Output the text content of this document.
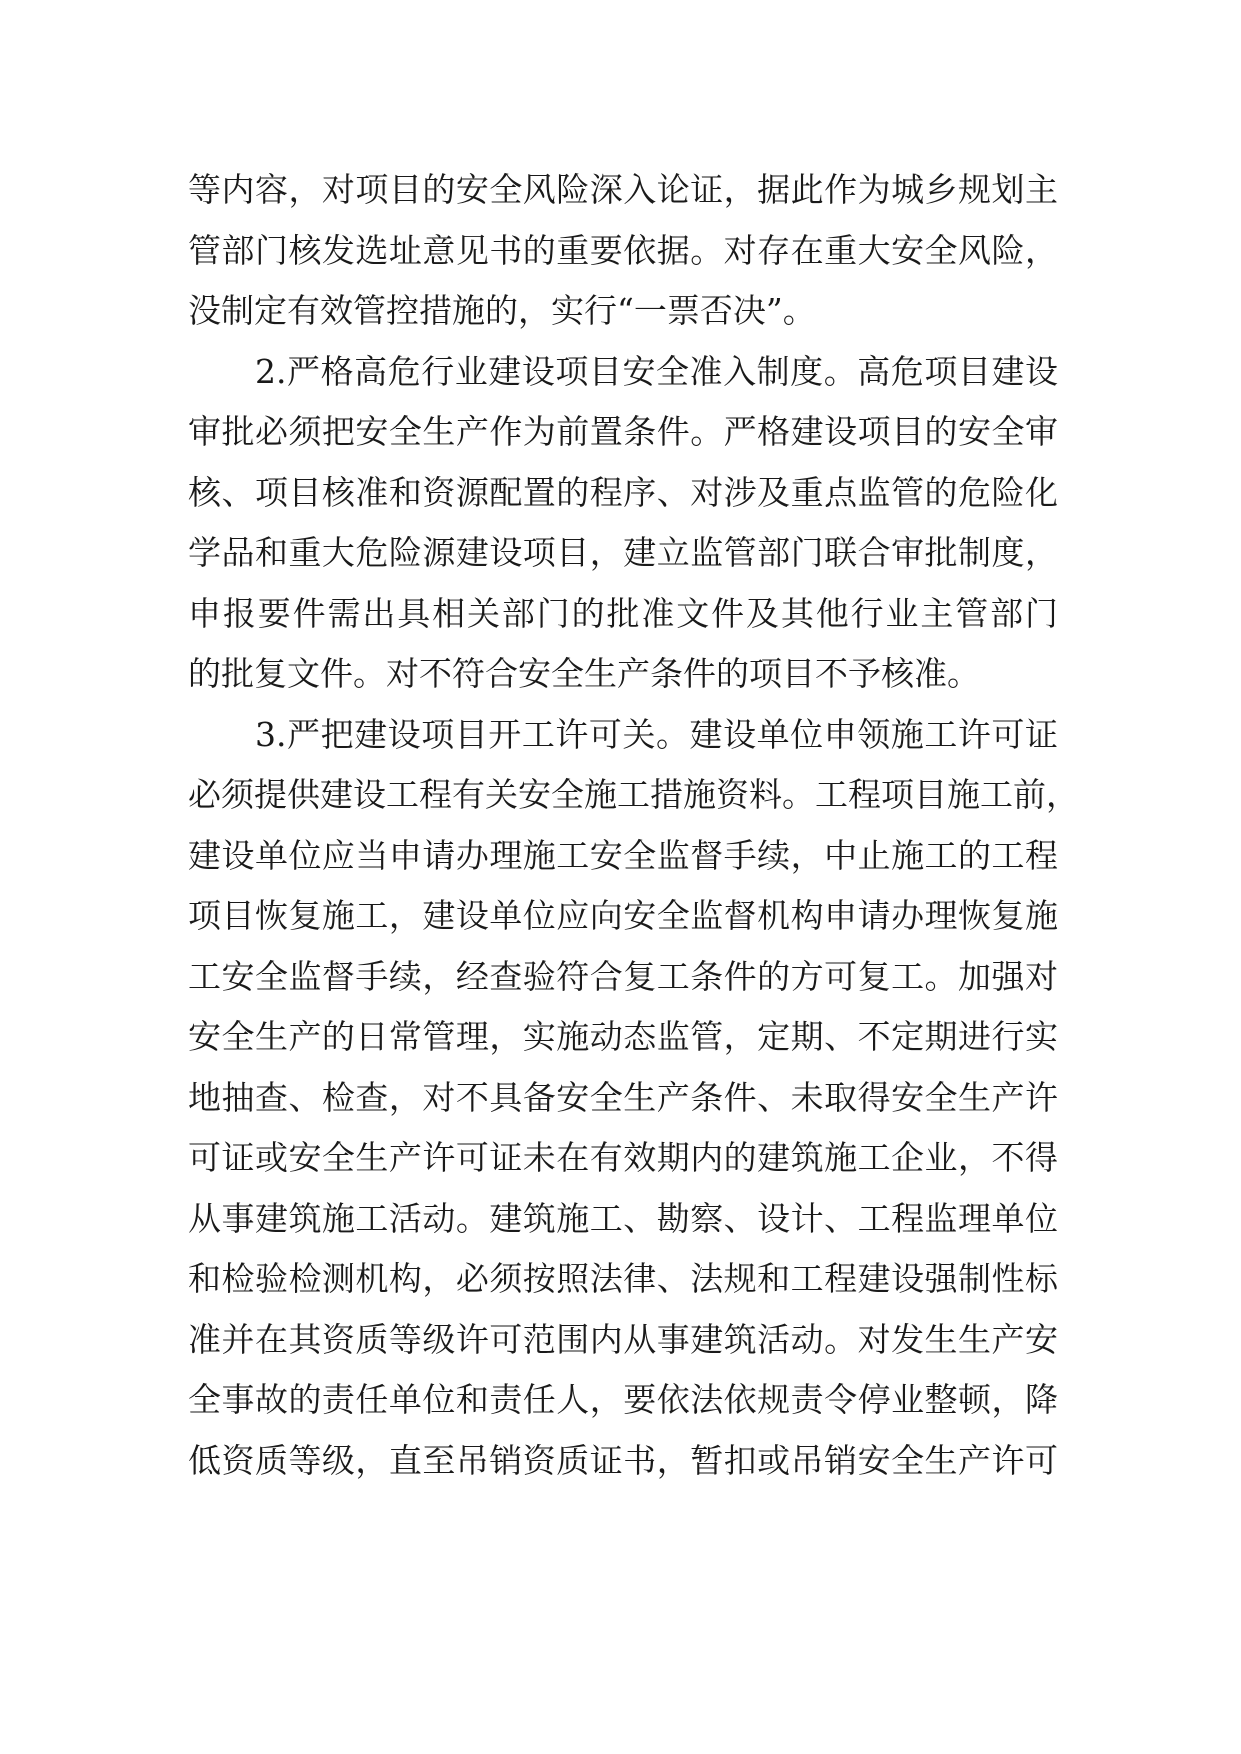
等内容，对项目的安全风险深入论证，据此作为城乡规划主
管部门核发选址意见书的重要依据。对存在重大安全风险，
没制定有效管控措施的，实行“一票否决”。
2.严格高危行业建设项目安全准入制度。高危项目建设
审批必须把安全生产作为前置条件。严格建设项目的安全审
核、项目核准和资源配置的程序、对涉及重点监管的危险化
学品和重大危险源建设项目，建立监管部门联合审批制度，
申报要件需出具相关部门的批准文件及其他行业主管部门
的批复文件。对不符合安全生产条件的项目不予核准。
3.严把建设项目开工许可关。建设单位申领施工许可证
必须提供建设工程有关安全施工措施资料。工程项目施工前，
建设单位应当申请办理施工安全监督手续，中止施工的工程
项目恢复施工，建设单位应向安全监督机构申请办理恢复施
工安全监督手续，经查验符合复工条件的方可复工。加强对
安全生产的日常管理，实施动态监管，定期、不定期进行实
地抽查、检查，对不具备安全生产条件、未取得安全生产许
可证或安全生产许可证未在有效期内的建筑施工企业，不得
从事建筑施工活动。建筑施工、勘察、设计、工程监理单位
和检验检测机构，必须按照法律、法规和工程建设强制性标
准并在其资质等级许可范围内从事建筑活动。对发生生产安
全事故的责任单位和责任人，要依法依规责令停业整顿，降
低资质等级，直至吊销资质证书，暂扣或吊销安全生产许可
